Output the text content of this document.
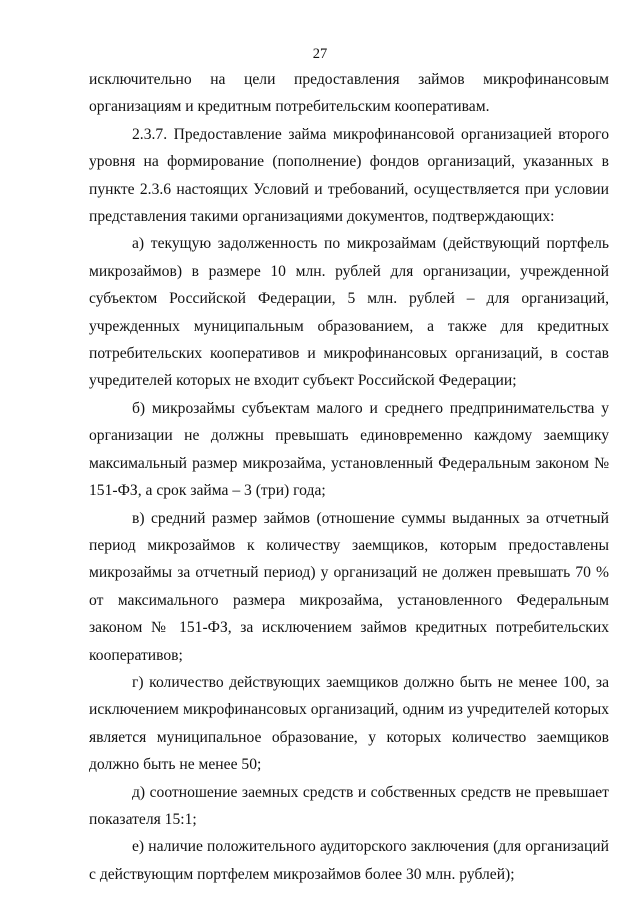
27

исключительно на цели предоставления займов микрофинансовым

организациям и кредитным потребительским кооперативам.

2.3.7. Предоставление займа микрофинансовой организацией второго уровня на формирование (пополнение) фондов организаций, указанных в пункте 2.3.6 настоящих Условий и требований, осуществляется при условии представления такими организациями документов, подтверждающих:

а) текущую задолженность по микрозаймам (действующий портфель микрозаймов) в размере 10 млн. рублей для организации, учрежденной субъектом Российской Федерации, 5 млн. рублей – для организаций, учрежденных муниципальным образованием, а также для кредитных потребительских кооперативов и микрофинансовых организаций, в состав учредителей которых не входит субъект Российской Федерации;

б) микрозаймы субъектам малого и среднего предпринимательства у организации не должны превышать единовременно каждому заемщику максимальный размер микрозайма, установленный Федеральным законом № 151-ФЗ, а срок займа – 3 (три) года;

в) средний размер займов (отношение суммы выданных за отчетный период микрозаймов к количеству заемщиков, которым предоставлены микрозаймы за отчетный период) у организаций не должен превышать 70 % от максимального размера микрозайма, установленного Федеральным законом № 151-ФЗ, за исключением займов кредитных потребительских кооперативов;

г) количество действующих заемщиков должно быть не менее 100, за исключением микрофинансовых организаций, одним из учредителей которых является муниципальное образование, у которых количество заемщиков должно быть не менее 50;

д) соотношение заемных средств и собственных средств не превышает показателя 15:1;

е) наличие положительного аудиторского заключения (для организаций с действующим портфелем микрозаймов более 30 млн. рублей);
